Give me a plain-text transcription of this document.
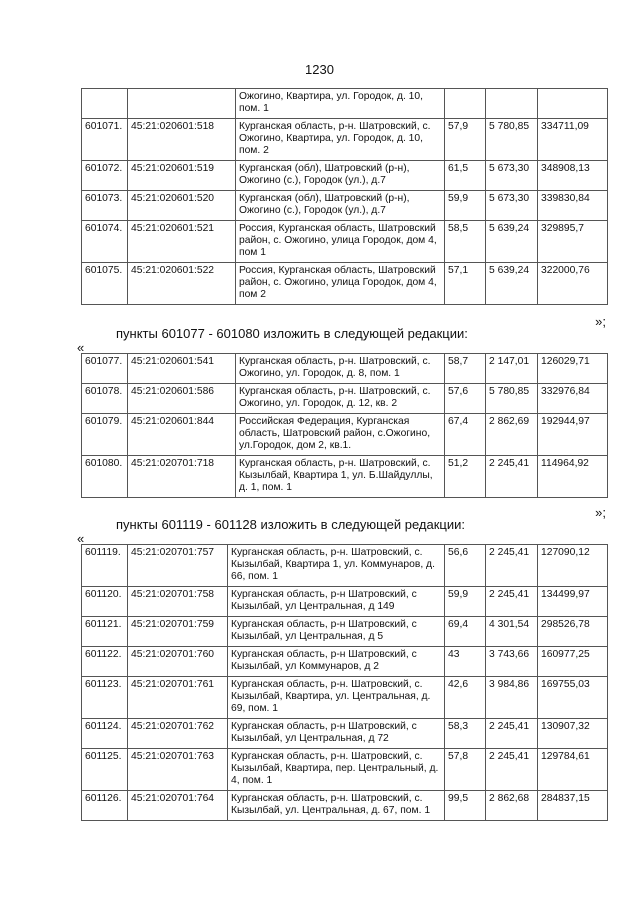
1230
		Ожогино, Квартира, ул. Городок, д. 10, пом. 1			
601071.	45:21:020601:518	Курганская область, р-н. Шатровский, с. Ожогино, Квартира, ул. Городок, д. 10, пом. 2	57,9	5 780,85	334711,09
601072.	45:21:020601:519	Курганская (обл), Шатровский (р-н), Ожогино (с.), Городок (ул.), д.7	61,5	5 673,30	348908,13
601073.	45:21:020601:520	Курганская (обл), Шатровский (р-н), Ожогино (с.), Городок (ул.), д.7	59,9	5 673,30	339830,84
601074.	45:21:020601:521	Россия, Курганская область, Шатровский район, с. Ожогино, улица Городок, дом 4, пом 1	58,5	5 639,24	329895,7
601075.	45:21:020601:522	Россия, Курганская область, Шатровский район, с. Ожогино, улица Городок, дом 4, пом 2	57,1	5 639,24	322000,76
»;
пункты 601077 - 601080 изложить в следующей редакции:
«
601077.	45:21:020601:541	Курганская область, р-н. Шатровский, с. Ожогино, ул. Городок, д. 8, пом. 1	58,7	2 147,01	126029,71
601078.	45:21:020601:586	Курганская область, р-н. Шатровский, с. Ожогино, ул. Городок, д. 12, кв. 2	57,6	5 780,85	332976,84
601079.	45:21:020601:844	Российская Федерация, Курганская область, Шатровский район, с.Ожогино, ул.Городок, дом 2, кв.1.	67,4	2 862,69	192944,97
601080.	45:21:020701:718	Курганская область, р-н. Шатровский, с. Кызылбай, Квартира 1, ул. Б.Шайдуллы, д. 1, пом. 1	51,2	2 245,41	114964,92
»;
пункты 601119 - 601128 изложить в следующей редакции:
«
601119.	45:21:020701:757	Курганская область, р-н. Шатровский, с. Кызылбай, Квартира 1, ул. Коммунаров, д. 66, пом. 1	56,6	2 245,41	127090,12
601120.	45:21:020701:758	Курганская область, р-н Шатровский, с Кызылбай, ул Центральная, д 149	59,9	2 245,41	134499,97
601121.	45:21:020701:759	Курганская область, р-н Шатровский, с Кызылбай, ул Центральная, д 5	69,4	4 301,54	298526,78
601122.	45:21:020701:760	Курганская область, р-н Шатровский, с Кызылбай, ул Коммунаров, д 2	43	3 743,66	160977,25
601123.	45:21:020701:761	Курганская область, р-н. Шатровский, с. Кызылбай, Квартира, ул. Центральная, д. 69, пом. 1	42,6	3 984,86	169755,03
601124.	45:21:020701:762	Курганская область, р-н Шатровский, с Кызылбай, ул Центральная, д 72	58,3	2 245,41	130907,32
601125.	45:21:020701:763	Курганская область, р-н. Шатровский, с. Кызылбай, Квартира, пер. Центральный, д. 4, пом. 1	57,8	2 245,41	129784,61
601126.	45:21:020701:764	Курганская область, р-н. Шатровский, с. Кызылбай, ул. Центральная, д. 67, пом. 1	99,5	2 862,68	284837,15
